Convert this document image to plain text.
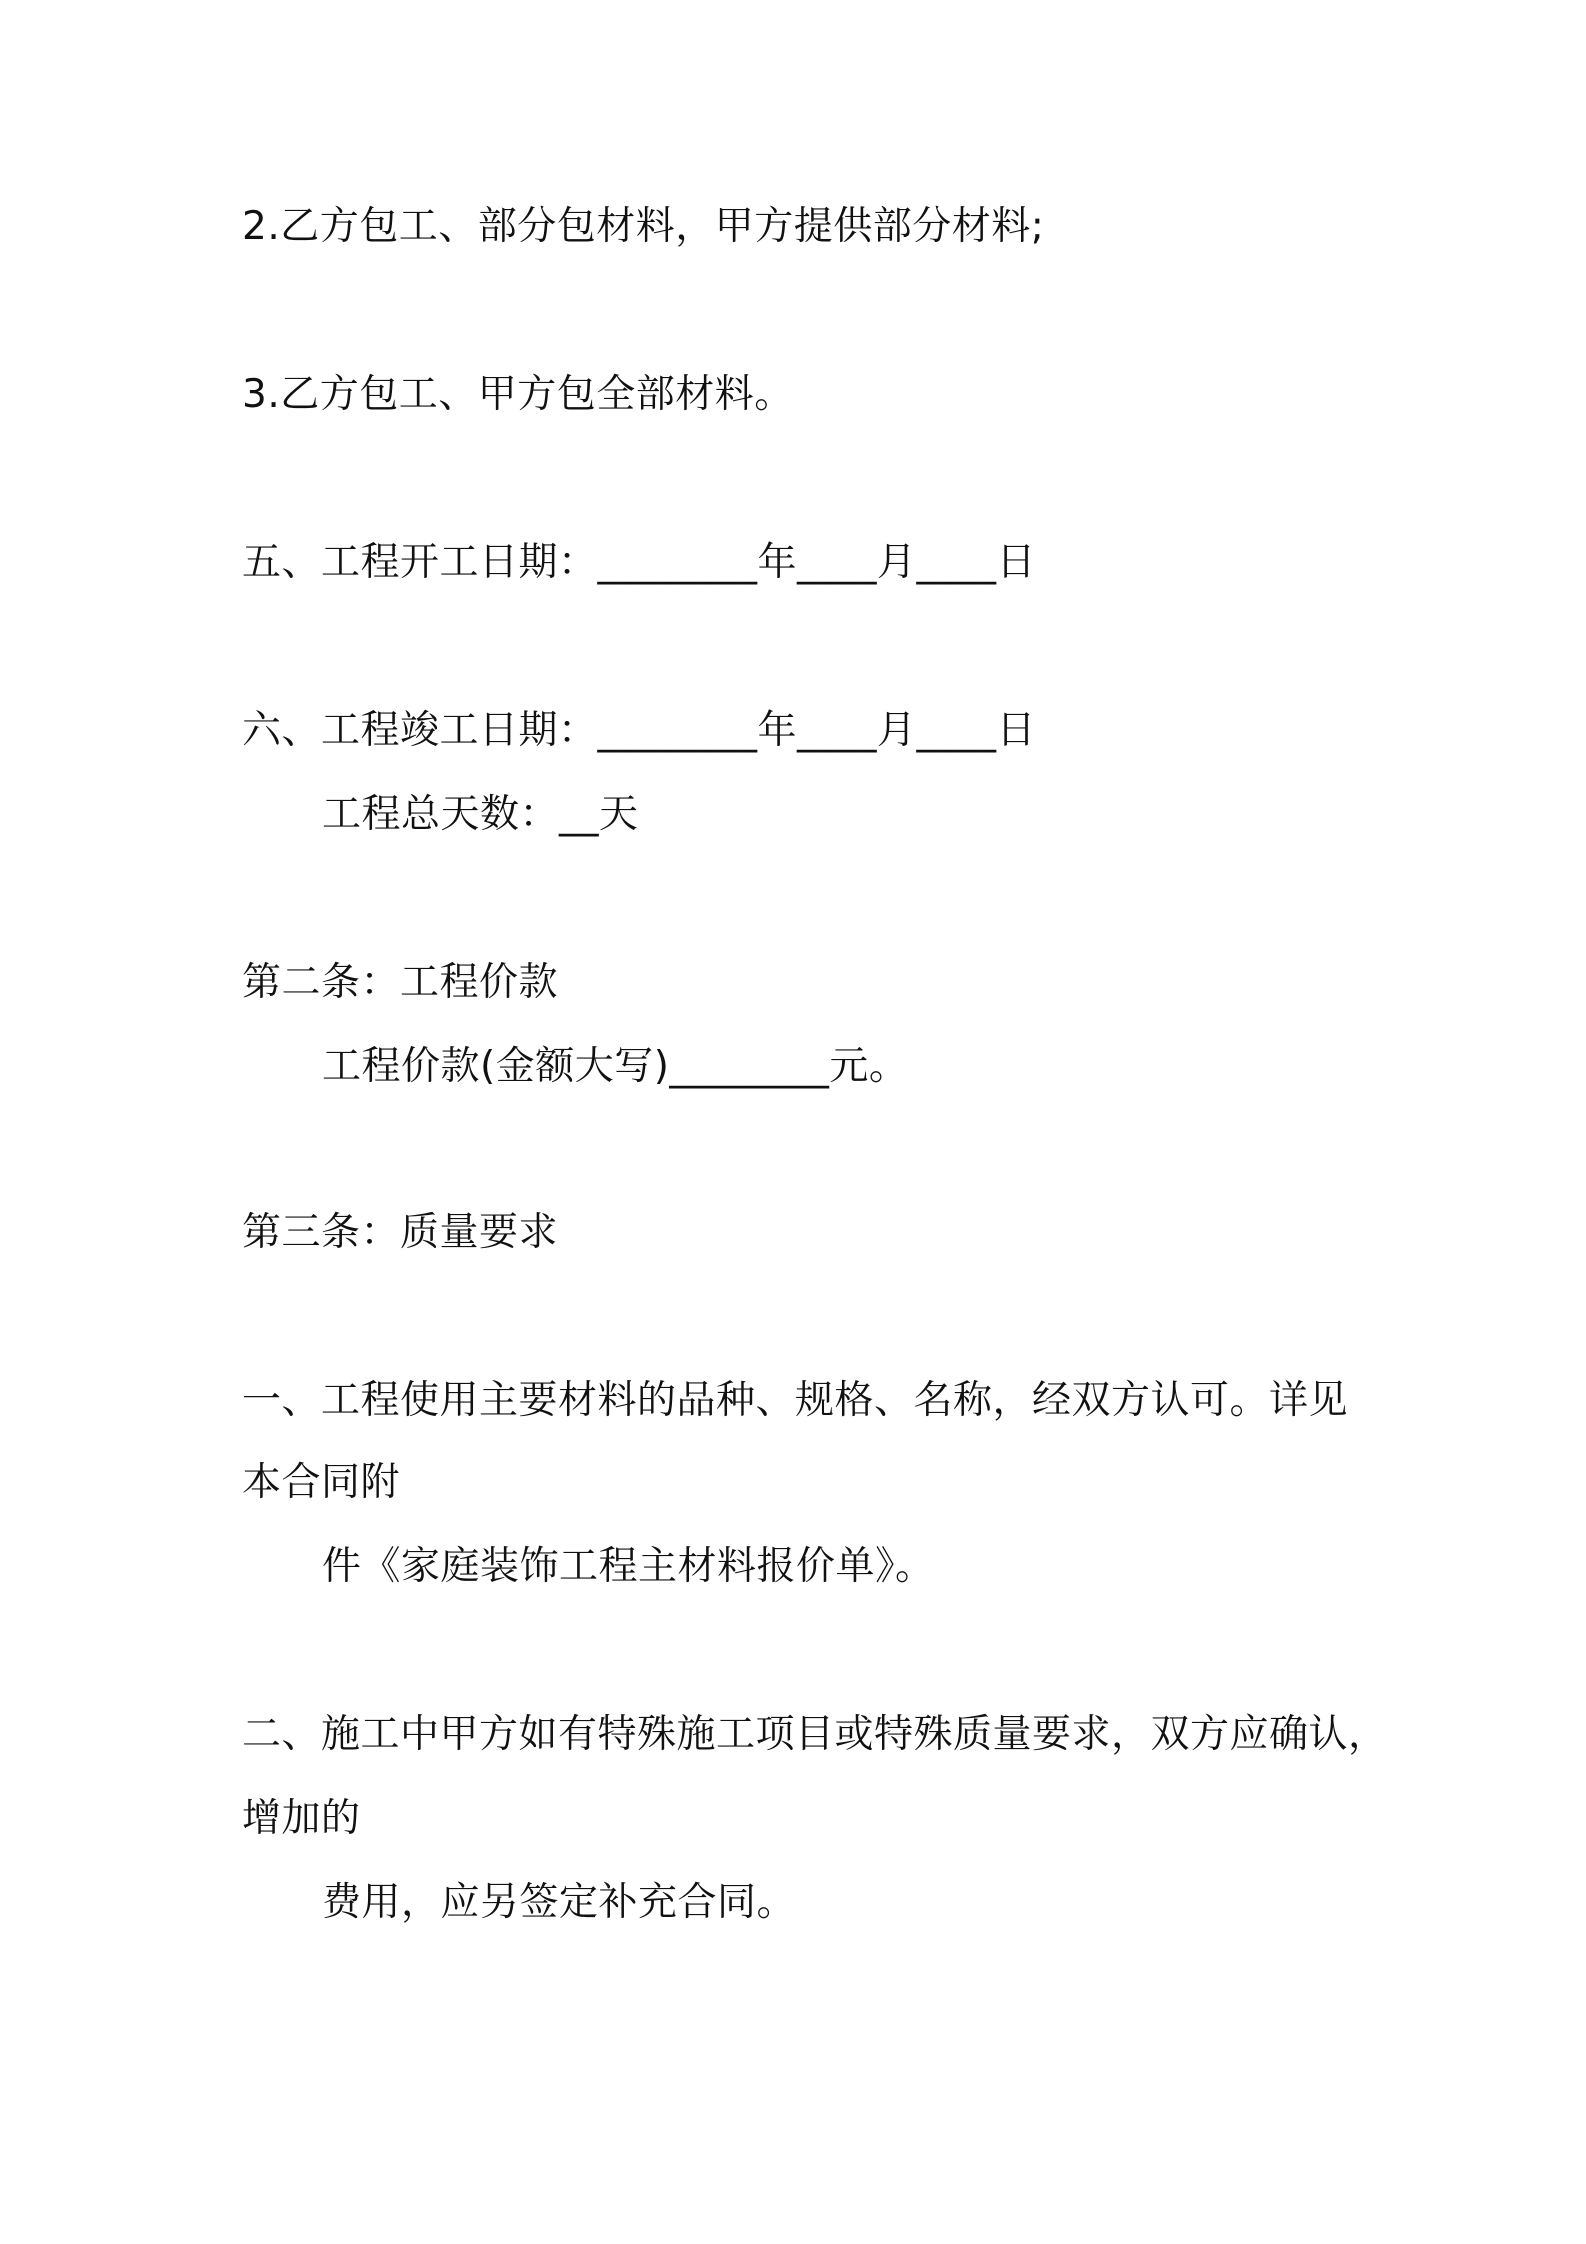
2.乙方包工、部分包材料，甲方提供部分材料;
3.乙方包工、甲方包全部材料。
五、工程开工日期：________年____月____日
六、工程竣工日期：________年____月____日
工程总天数：__天
第二条：工程价款
工程价款(金额大写)________元。
第三条：质量要求
一、工程使用主要材料的品种、规格、名称，经双方认可。详见
本合同附
件《家庭装饰工程主材料报价单》。
二、施工中甲方如有特殊施工项目或特殊质量要求，双方应确认，
增加的
费用，应另签定补充合同。
